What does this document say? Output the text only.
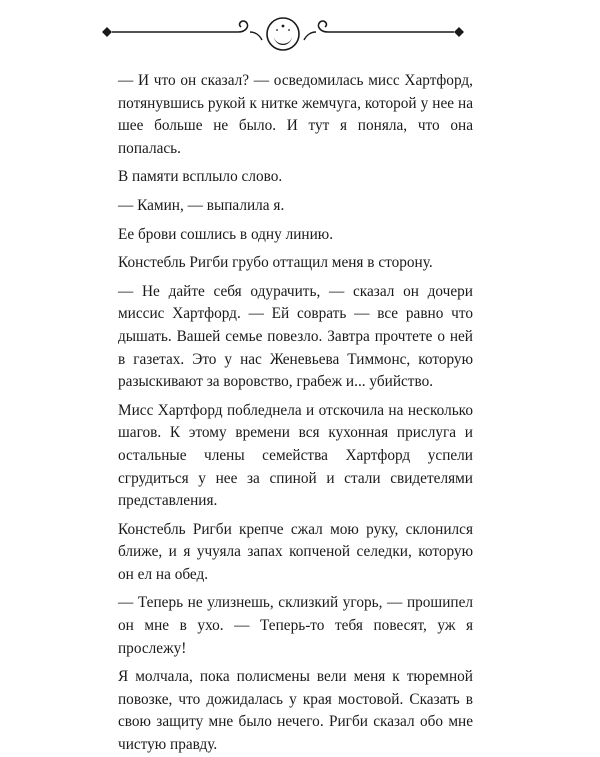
— И что он сказал? — осведомилась мисс Хартфорд, потянувшись рукой к нитке жемчуга, которой у нее на шее больше не было. И тут я поняла, что она попалась.

В памяти всплыло слово.

— Камин, — выпалила я.

Ее брови сошлись в одну линию.

Констебль Ригби грубо оттащил меня в сторону.

— Не дайте себя одурачить, — сказал он дочери миссис Хартфорд. — Ей соврать — все равно что дышать. Вашей семье повезло. Завтра прочтете о ней в газетах. Это у нас Женевьева Тиммонс, которую разыскивают за воровство, грабеж и... убийство.

Мисс Хартфорд побледнела и отскочила на несколько шагов. К этому времени вся кухонная прислуга и остальные члены семейства Хартфорд успели сгрудиться у нее за спиной и стали свидетелями представления.

Констебль Ригби крепче сжал мою руку, склонился ближе, и я учуяла запах копченой селедки, которую он ел на обед.

— Теперь не улизнешь, склизкий угорь, — прошипел он мне в ухо. — Теперь-то тебя повесят, уж я прослежу!

Я молчала, пока полисмены вели меня к тюремной повозке, что дожидалась у края мостовой. Сказать в свою защиту мне было нечего. Ригби сказал обо мне чистую правду.
